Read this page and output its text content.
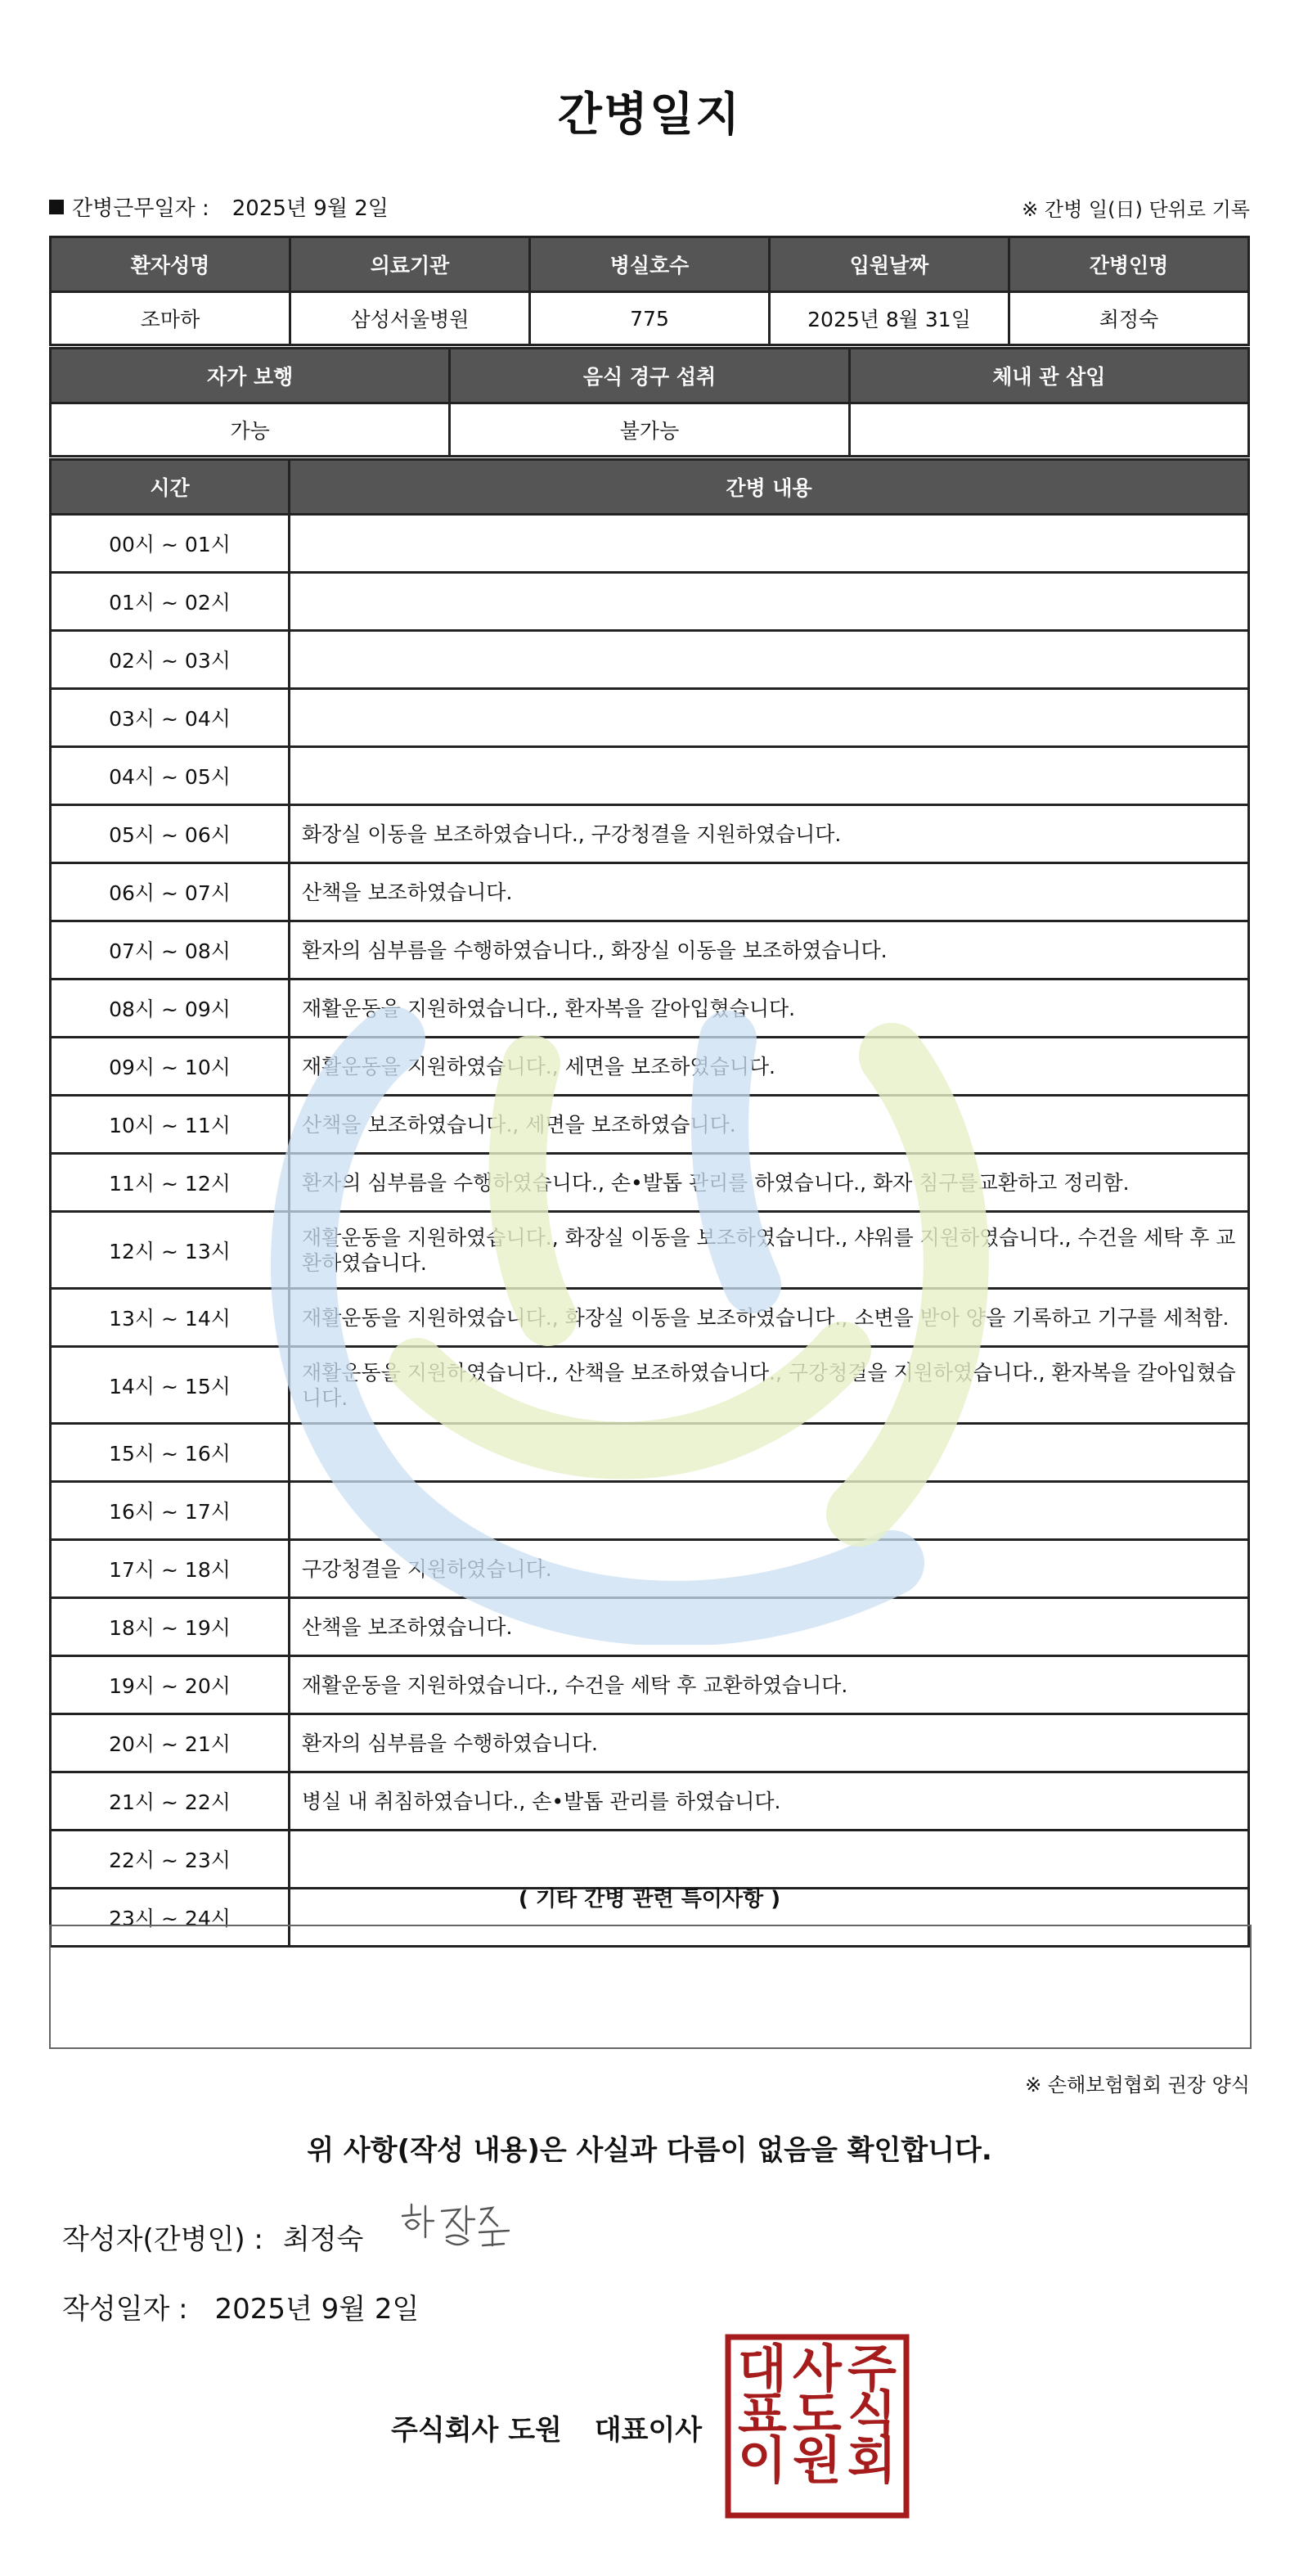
간병일지
간병근무일자 : 2025년 9월 2일	※ 간병 일(日) 단위로 기록
환자성명	의료기관	병실호수	입원날짜	간병인명
조마하	삼성서울병원	775	2025년 8월 31일	최정숙
자가 보행	음식 경구 섭취	체내 관 삽입
가능	불가능	
시간	간병 내용
00시 ~ 01시	
01시 ~ 02시	
02시 ~ 03시	
03시 ~ 04시	
04시 ~ 05시	
05시 ~ 06시	화장실 이동을 보조하였습니다., 구강청결을 지원하였습니다.
06시 ~ 07시	산책을 보조하였습니다.
07시 ~ 08시	환자의 심부름을 수행하였습니다., 화장실 이동을 보조하였습니다.
08시 ~ 09시	재활운동을 지원하였습니다., 환자복을 갈아입혔습니다.
09시 ~ 10시	재활운동을 지원하였습니다., 세면을 보조하였습니다.
10시 ~ 11시	산책을 보조하였습니다., 세면을 보조하였습니다.
11시 ~ 12시	환자의 심부름을 수행하였습니다., 손•발톱 관리를 하였습니다., 화자 침구를교환하고 정리함.
12시 ~ 13시	재활운동을 지원하였습니다., 화장실 이동을 보조하였습니다., 샤워를 지원하였습니다., 수건을 세탁 후 교환하였습니다.
13시 ~ 14시	재활운동을 지원하였습니다., 화장실 이동을 보조하였습니다., 소변을 받아 양을 기록하고 기구를 세척함.
14시 ~ 15시	재활운동을 지원하였습니다., 산책을 보조하였습니다., 구강청결을 지원하였습니다., 환자복을 갈아입혔습니다.
15시 ~ 16시	
16시 ~ 17시	
17시 ~ 18시	구강청결을 지원하였습니다.
18시 ~ 19시	산책을 보조하였습니다.
19시 ~ 20시	재활운동을 지원하였습니다., 수건을 세탁 후 교환하였습니다.
20시 ~ 21시	환자의 심부름을 수행하였습니다.
21시 ~ 22시	병실 내 취침하였습니다., 손•발톱 관리를 하였습니다.
22시 ~ 23시	
23시 ~ 24시	
( 기타 간병 관련 특이사항 )
※ 손해보험협회 권장 양식
위 사항(작성 내용)은 사실과 다름이 없음을 확인합니다.
작성자(간병인) : 최정숙
작성일자 : 2025년 9월 2일
주식회사 도원 대표이사
주
식
회
사
도
원
대
표
이
